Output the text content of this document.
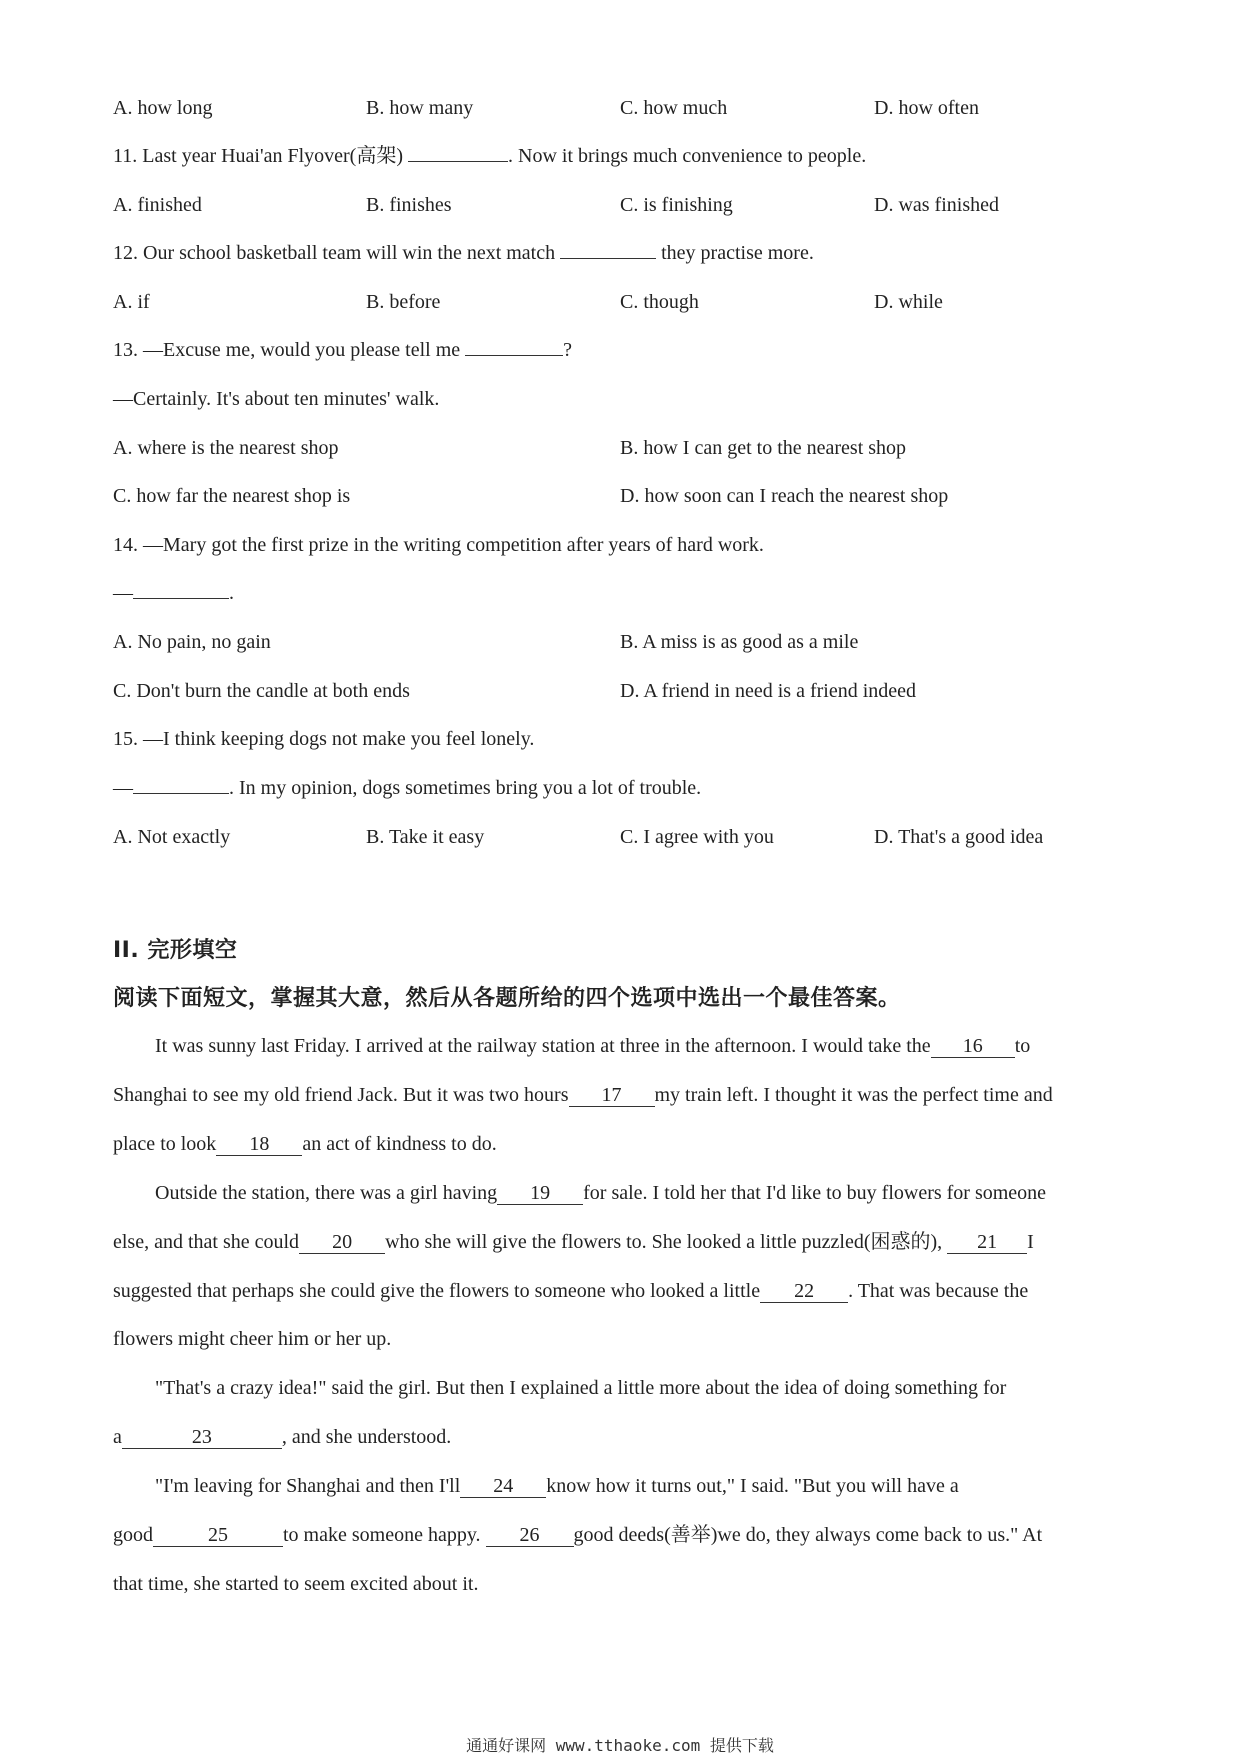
A. how long	B. how many	C. how much	D. how often
11. Last year Huai'an Flyover(高架)	. Now it brings much convenience to people.
A. finished	B. finishes	C. is finishing	D. was finished
12. Our school basketball team will win the next match	they practise more.
A. if	B. before	C. though	D. while
13. —Excuse me, would you please tell me	?
—Certainly. It's about ten minutes' walk.
A. where is the nearest shop	B. how I can get to the nearest shop
C. how far the nearest shop is	D. how soon can I reach the nearest shop
14. —Mary got the first prize in the writing competition after years of hard work.
—	.
A. No pain, no gain	B. A miss is as good as a mile
C. Don't burn the candle at both ends	D. A friend in need is a friend indeed
15. —I think keeping dogs not make you feel lonely.
—	. In my opinion, dogs sometimes bring you a lot of trouble.
A. Not exactly	B. Take it easy	C. I agree with you	D. That's a good idea
II. 完形填空
阅读下面短文，掌握其大意，然后从各题所给的四个选项中选出一个最佳答案。
It was sunny last Friday. I arrived at the railway station at three in the afternoon. I would take the 16 to
Shanghai to see my old friend Jack. But it was two hours 17 my train left. I thought it was the perfect time and
place to look 18 an act of kindness to do.
Outside the station, there was a girl having 19 for sale. I told her that I'd like to buy flowers for someone
else, and that she could 20 who she will give the flowers to. She looked a little puzzled(困惑的), 21 I
suggested that perhaps she could give the flowers to someone who looked a little 22 . That was because the
flowers might cheer him or her up.
"That's a crazy idea!" said the girl. But then I explained a little more about the idea of doing something for
a	23	, and she understood.
"I'm leaving for Shanghai and then I'll 24 know how it turns out," I said. "But you will have a
good	25	to make someone happy. 26 good deeds(善举)we do, they always come back to us." At
that time, she started to seem excited about it.
通通好课网 www.tthaoke.com 提供下载
